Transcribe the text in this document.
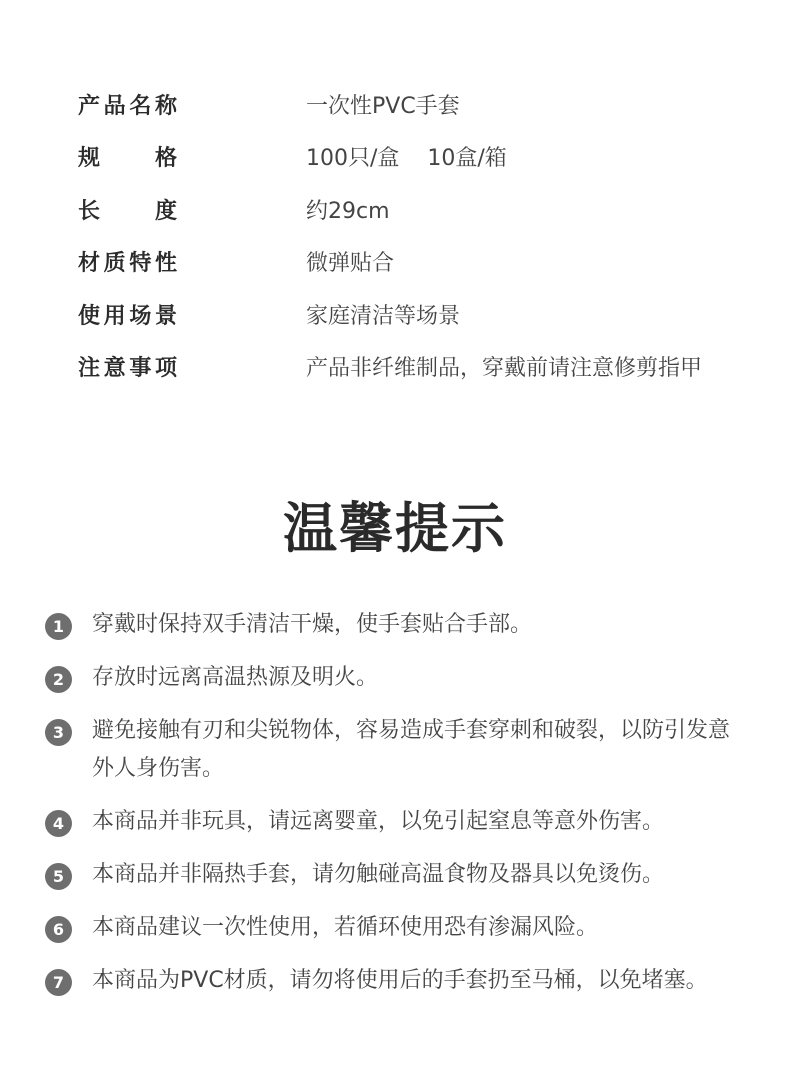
产品名称	一次性PVC手套
规格	100只/盒    10盒/箱
长度	约29cm
材质特性	微弹贴合
使用场景	家庭清洁等场景
注意事项	产品非纤维制品，穿戴前请注意修剪指甲
温馨提示
1	穿戴时保持双手清洁干燥，使手套贴合手部。
2	存放时远离高温热源及明火。
3	避免接触有刃和尖锐物体，容易造成手套穿刺和破裂，以防引发意外人身伤害。
4	本商品并非玩具，请远离婴童，以免引起窒息等意外伤害。
5	本商品并非隔热手套，请勿触碰高温食物及器具以免烫伤。
6	本商品建议一次性使用，若循环使用恐有渗漏风险。
7	本商品为PVC材质，请勿将使用后的手套扔至马桶，以免堵塞。
